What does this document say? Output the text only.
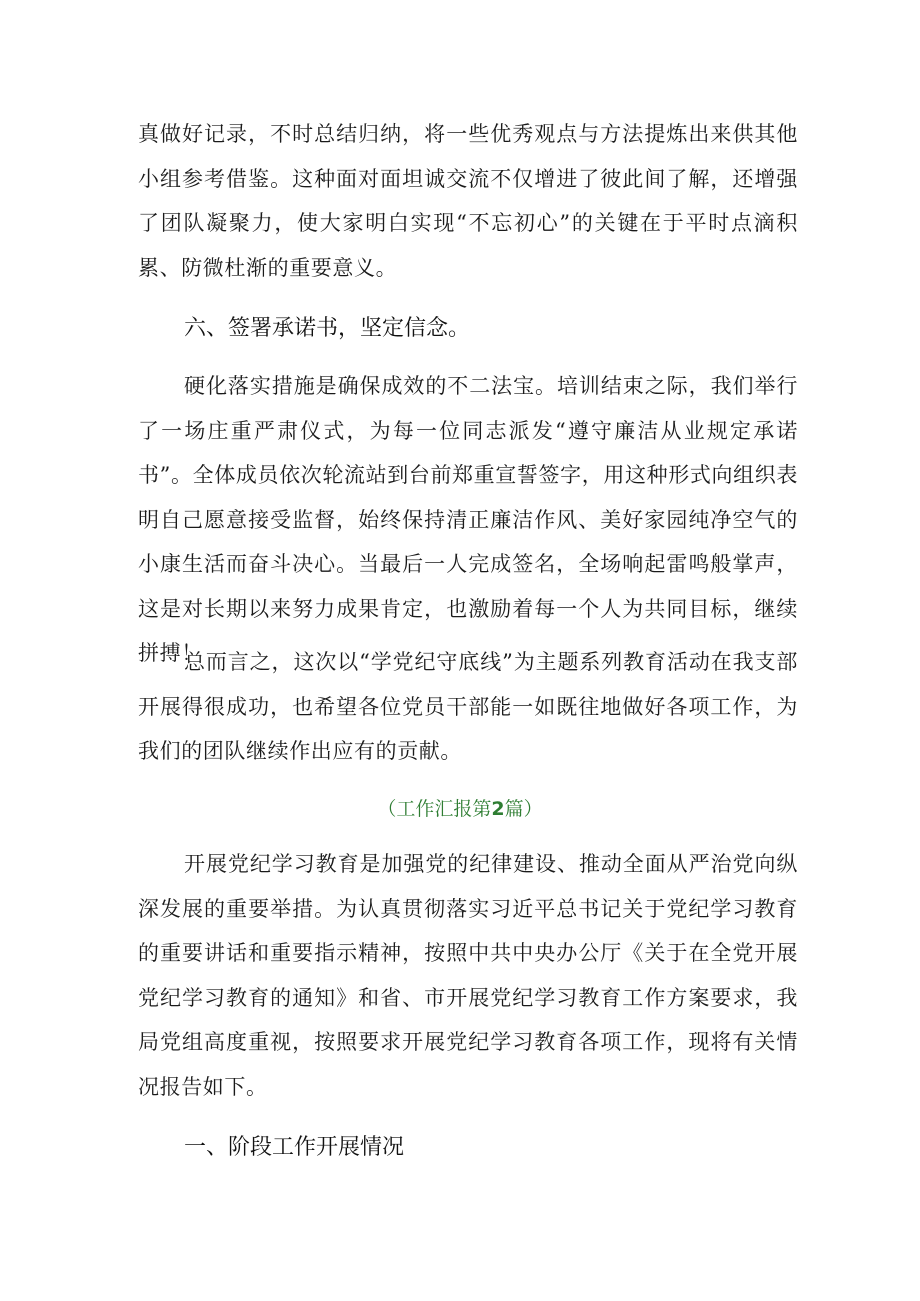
真做好记录，不时总结归纳，将一些优秀观点与方法提炼出来供其他小组参考借鉴。这种面对面坦诚交流不仅增进了彼此间了解，还增强了团队凝聚力，使大家明白实现“不忘初心”的关键在于平时点滴积累、防微杜渐的重要意义。

六、签署承诺书，坚定信念。

硬化落实措施是确保成效的不二法宝。培训结束之际，我们举行了一场庄重严肃仪式，为每一位同志派发“遵守廉洁从业规定承诺书”。全体成员依次轮流站到台前郑重宣誓签字，用这种形式向组织表明自己愿意接受监督，始终保持清正廉洁作风、美好家园纯净空气的小康生活而奋斗决心。当最后一人完成签名，全场响起雷鸣般掌声，这是对长期以来努力成果肯定，也激励着每一个人为共同目标，继续拼搏！

总而言之，这次以“学党纪守底线”为主题系列教育活动在我支部开展得很成功，也希望各位党员干部能一如既往地做好各项工作，为我们的团队继续作出应有的贡献。

（工作汇报第2篇）

开展党纪学习教育是加强党的纪律建设、推动全面从严治党向纵深发展的重要举措。为认真贯彻落实习近平总书记关于党纪学习教育的重要讲话和重要指示精神，按照中共中央办公厅《关于在全党开展党纪学习教育的通知》和省、市开展党纪学习教育工作方案要求，我局党组高度重视，按照要求开展党纪学习教育各项工作，现将有关情况报告如下。

一、阶段工作开展情况
